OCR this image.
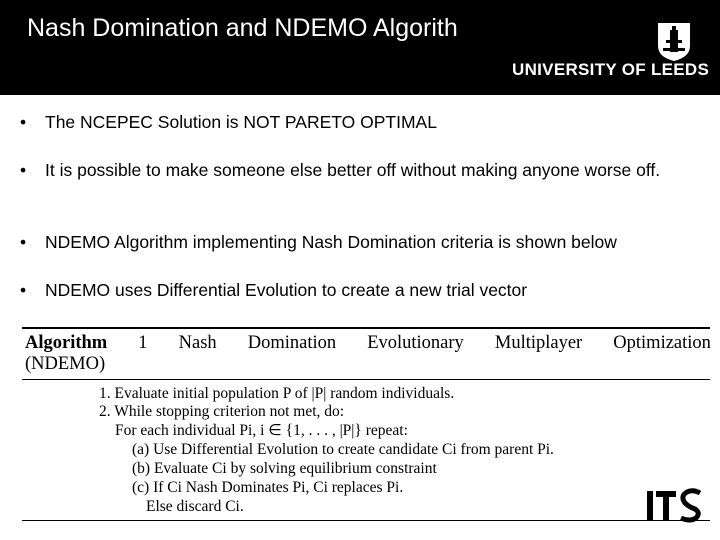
Nash Domination and NDEMO Algorith
UNIVERSITY OF LEEDS
• The NCEPEC Solution is NOT PARETO OPTIMAL
• It is possible to make someone else better off without making anyone worse off.
• NDEMO Algorithm implementing Nash Domination criteria is shown below
• NDEMO uses Differential Evolution to create a new trial vector
Algorithm 1 Nash Domination Evolutionary Multiplayer Optimization
(NDEMO)
1. Evaluate initial population P of |P| random individuals.
2. While stopping criterion not met, do:
For each individual Pi, i ∈ {1, . . . , |P|} repeat:
(a) Use Differential Evolution to create candidate Ci from parent Pi.
(b) Evaluate Ci by solving equilibrium constraint
(c) If Ci Nash Dominates Pi, Ci replaces Pi.
Else discard Ci.
